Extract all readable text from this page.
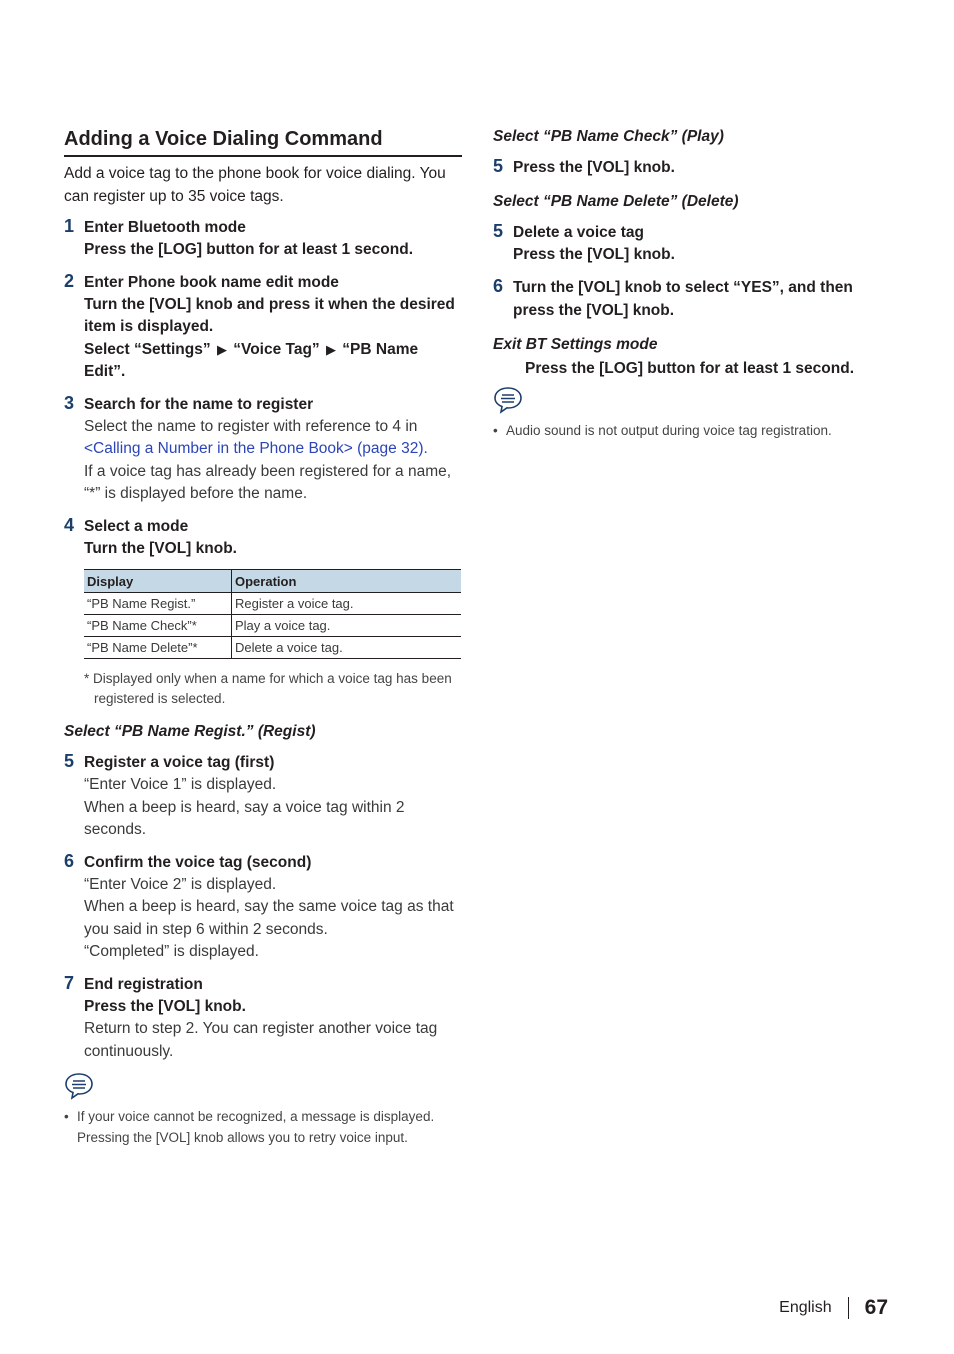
Adding a Voice Dialing Command

Add a voice tag to the phone book for voice dialing. You can register up to 35 voice tags.

1 Enter Bluetooth mode
Press the [LOG] button for at least 1 second.
2 Enter Phone book name edit mode
Turn the [VOL] knob and press it when the desired item is displayed.
Select “Settings” ▶ “Voice Tag” ▶ “PB Name Edit”.
3 Search for the name to register
Select the name to register with reference to 4 in <Calling a Number in the Phone Book> (page 32).
If a voice tag has already been registered for a name, “*” is displayed before the name.
4 Select a mode
Turn the [VOL] knob.
Display	Operation
“PB Name Regist.”	Register a voice tag.
“PB Name Check”*	Play a voice tag.
“PB Name Delete”*	Delete a voice tag.

* Displayed only when a name for which a voice tag has been registered is selected.

Select “PB Name Regist.” (Regist)
5 Register a voice tag (first)
“Enter Voice 1” is displayed.
When a beep is heard, say a voice tag within 2 seconds.
6 Confirm the voice tag (second)
“Enter Voice 2” is displayed.
When a beep is heard, say the same voice tag as that you said in step 6 within 2 seconds.
“Completed” is displayed.
7 End registration
Press the [VOL] knob.
Return to step 2. You can register another voice tag continuously.

• If your voice cannot be recognized, a message is displayed. Pressing the [VOL] knob allows you to retry voice input.

Select “PB Name Check” (Play)
5 Press the [VOL] knob.
Select “PB Name Delete” (Delete)
5 Delete a voice tag
Press the [VOL] knob.
6 Turn the [VOL] knob to select “YES”, and then press the [VOL] knob.
Exit BT Settings mode
Press the [LOG] button for at least 1 second.

• Audio sound is not output during voice tag registration.

English 67
